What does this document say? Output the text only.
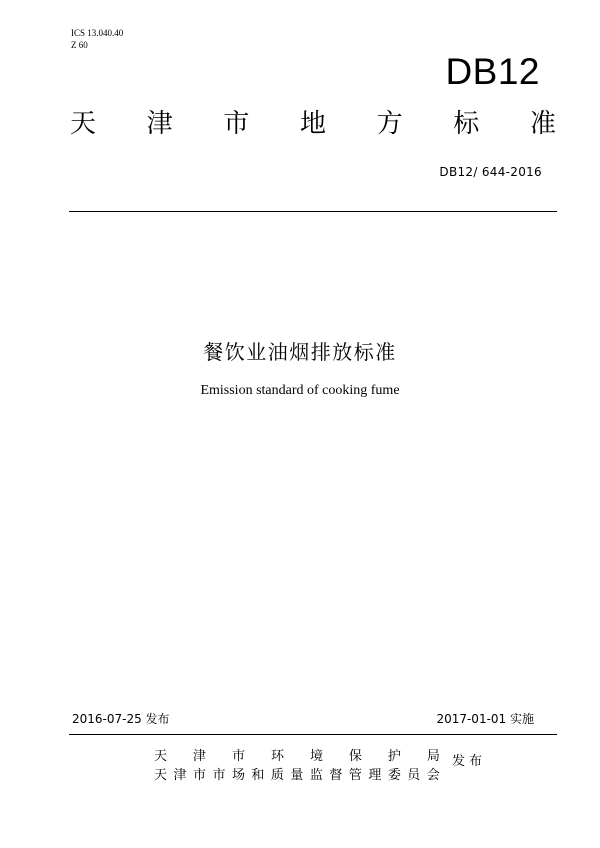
ICS 13.040.40
Z 60
DB12
天 津 市 地 方 标 准
DB12/ 644-2016
餐饮业油烟排放标准
Emission standard of cooking fume
2016-07-25 发布	2017-01-01 实施
天 津 市 环 境 保 护 局
天 津 市 市 场 和 质 量 监 督 管 理 委 员 会
发布
